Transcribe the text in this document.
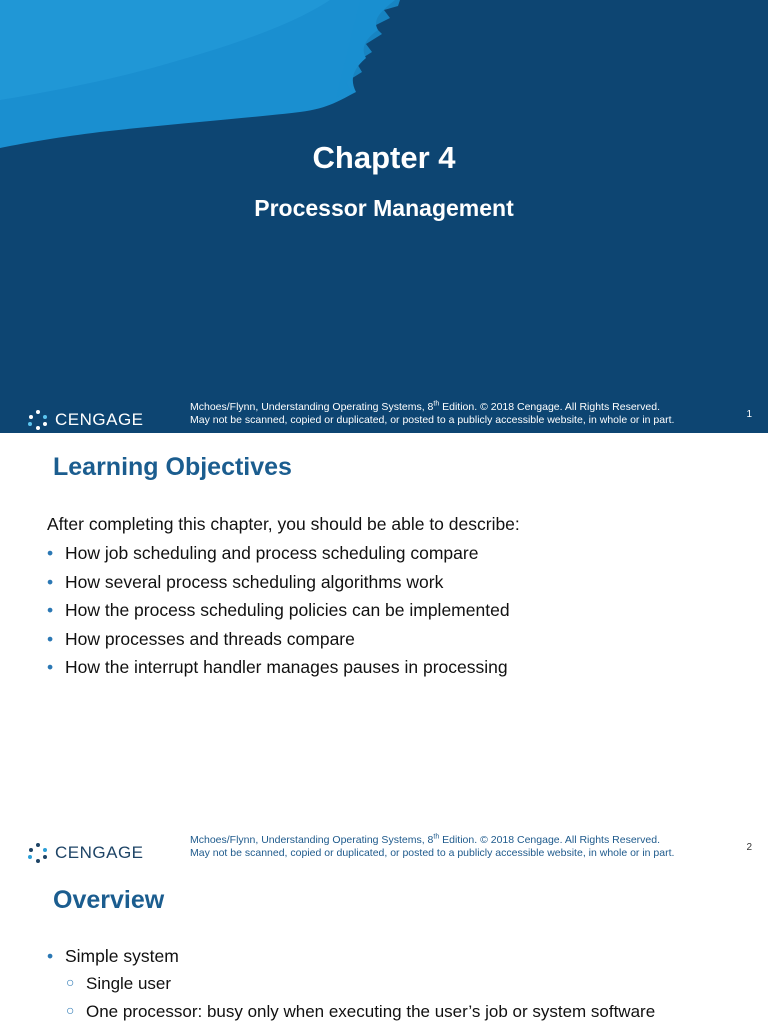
Chapter 4
Processor Management
CENGAGE
Mchoes/Flynn, Understanding Operating Systems, 8th Edition. © 2018 Cengage. All Rights Reserved.
May not be scanned, copied or duplicated, or posted to a publicly accessible website, in whole or in part.	1
Learning Objectives
After completing this chapter, you should be able to describe:
• How job scheduling and process scheduling compare
• How several process scheduling algorithms work
• How the process scheduling policies can be implemented
• How processes and threads compare
• How the interrupt handler manages pauses in processing
CENGAGE
Mchoes/Flynn, Understanding Operating Systems, 8th Edition. © 2018 Cengage. All Rights Reserved.
May not be scanned, copied or duplicated, or posted to a publicly accessible website, in whole or in part.	2
Overview
• Simple system
○ Single user
○ One processor: busy only when executing the user’s job or system software
